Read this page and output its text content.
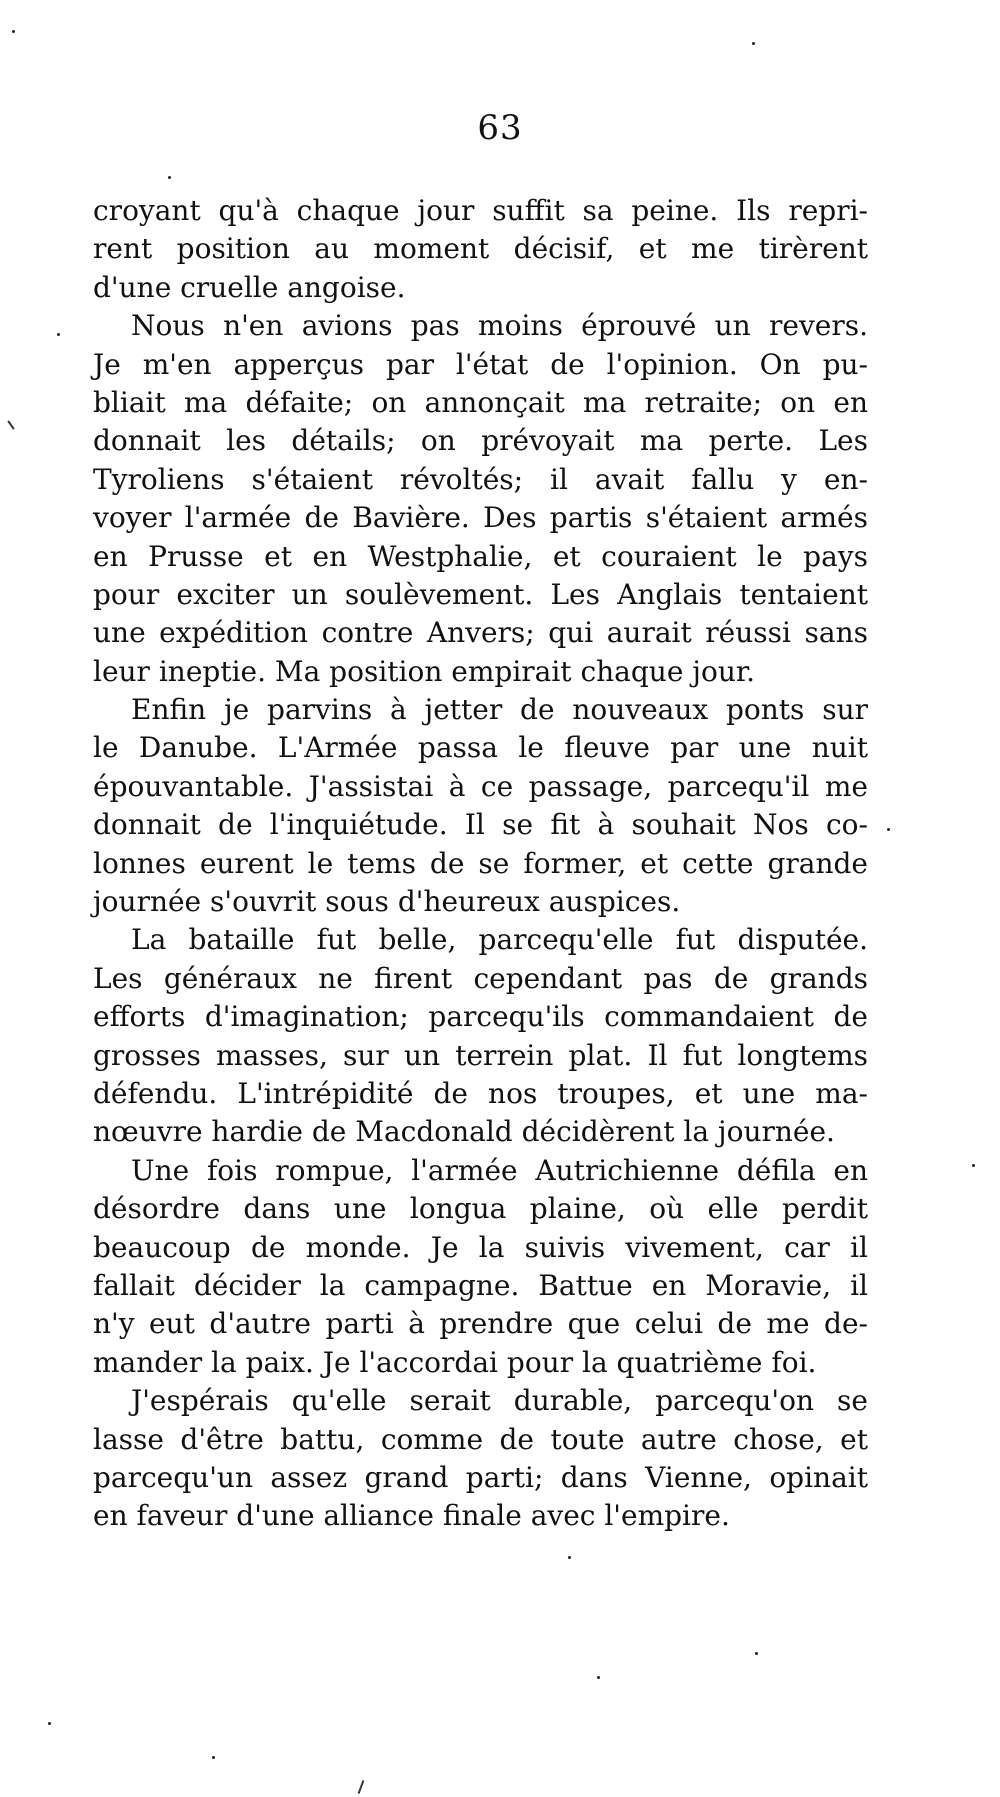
63
croyant qu'à chaque jour suffit sa peine. Ils repri-
rent position au moment décisif, et me tirèrent
d'une cruelle angoise.
Nous n'en avions pas moins éprouvé un revers.
Je m'en apperçus par l'état de l'opinion. On pu-
bliait ma défaite; on annonçait ma retraite; on en
donnait les détails; on prévoyait ma perte. Les
Tyroliens s'étaient révoltés; il avait fallu y en-
voyer l'armée de Bavière. Des partis s'étaient armés
en Prusse et en Westphalie, et couraient le pays
pour exciter un soulèvement. Les Anglais tentaient
une expédition contre Anvers; qui aurait réussi sans
leur ineptie. Ma position empirait chaque jour.
Enfin je parvins à jetter de nouveaux ponts sur
le Danube. L'Armée passa le fleuve par une nuit
épouvantable. J'assistai à ce passage, parcequ'il me
donnait de l'inquiétude. Il se fit à souhait Nos co-
lonnes eurent le tems de se former, et cette grande
journée s'ouvrit sous d'heureux auspices.
La bataille fut belle, parcequ'elle fut disputée.
Les généraux ne firent cependant pas de grands
efforts d'imagination; parcequ'ils commandaient de
grosses masses, sur un terrein plat. Il fut longtems
défendu. L'intrépidité de nos troupes, et une ma-
nœuvre hardie de Macdonald décidèrent la journée.
Une fois rompue, l'armée Autrichienne défila en
désordre dans une longua plaine, où elle perdit
beaucoup de monde. Je la suivis vivement, car il
fallait décider la campagne. Battue en Moravie, il
n'y eut d'autre parti à prendre que celui de me de-
mander la paix. Je l'accordai pour la quatrième foi.
J'espérais qu'elle serait durable, parcequ'on se
lasse d'être battu, comme de toute autre chose, et
parcequ'un assez grand parti; dans Vienne, opinait
en faveur d'une alliance finale avec l'empire.
